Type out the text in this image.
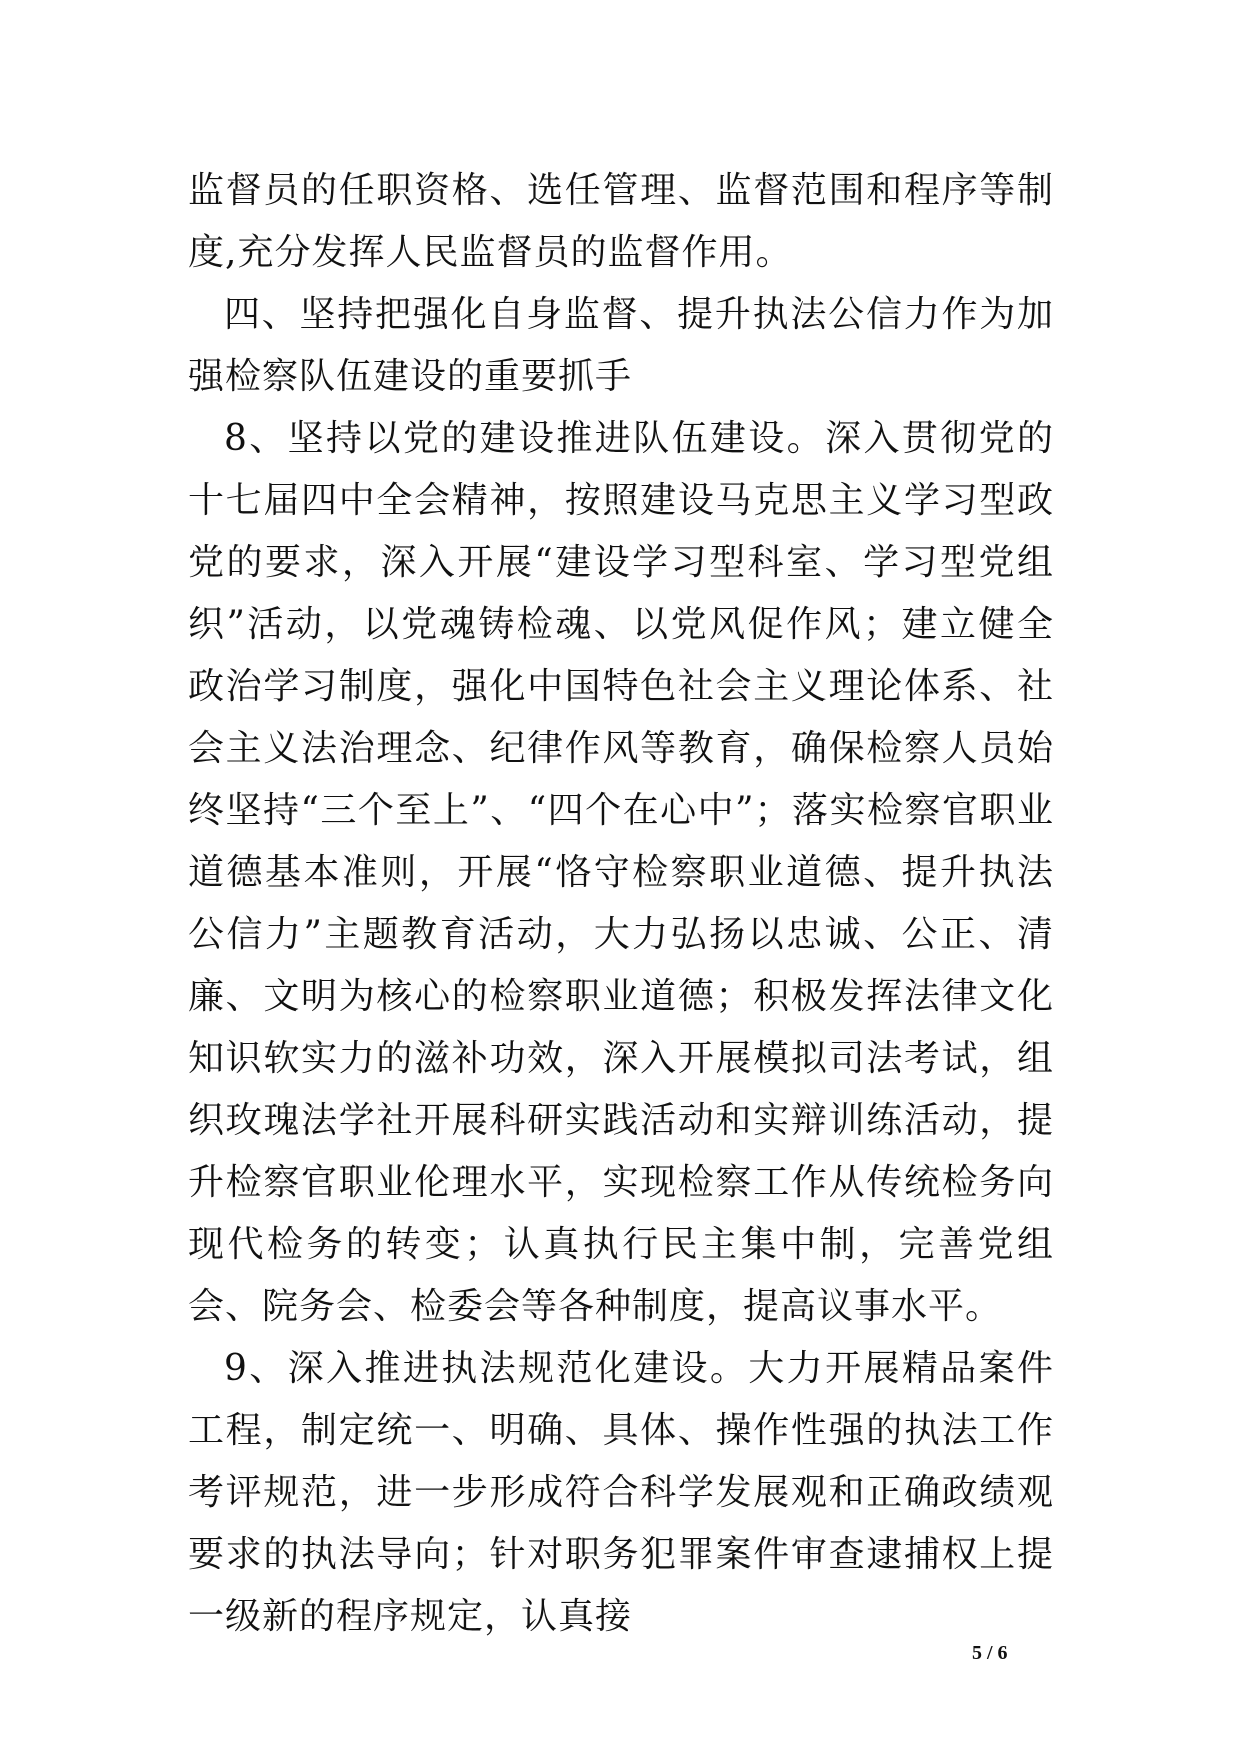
监督员的任职资格、选任管理、监督范围和程序等制度,充分发挥人民监督员的监督作用。

四、坚持把强化自身监督、提升执法公信力作为加强检察队伍建设的重要抓手

8、坚持以党的建设推进队伍建设。深入贯彻党的十七届四中全会精神，按照建设马克思主义学习型政党的要求，深入开展“建设学习型科室、学习型党组织”活动，以党魂铸检魂、以党风促作风；建立健全政治学习制度，强化中国特色社会主义理论体系、社会主义法治理念、纪律作风等教育，确保检察人员始终坚持“三个至上”、“四个在心中”；落实检察官职业道德基本准则，开展“恪守检察职业道德、提升执法公信力”主题教育活动，大力弘扬以忠诚、公正、清廉、文明为核心的检察职业道德；积极发挥法律文化知识软实力的滋补功效，深入开展模拟司法考试，组织玫瑰法学社开展科研实践活动和实辩训练活动，提升检察官职业伦理水平，实现检察工作从传统检务向现代检务的转变；认真执行民主集中制，完善党组会、院务会、检委会等各种制度，提高议事水平。

9、深入推进执法规范化建设。大力开展精品案件工程，制定统一、明确、具体、操作性强的执法工作考评规范，进一步形成符合科学发展观和正确政绩观要求的执法导向；针对职务犯罪案件审查逮捕权上提一级新的程序规定，认真接

5 / 6
